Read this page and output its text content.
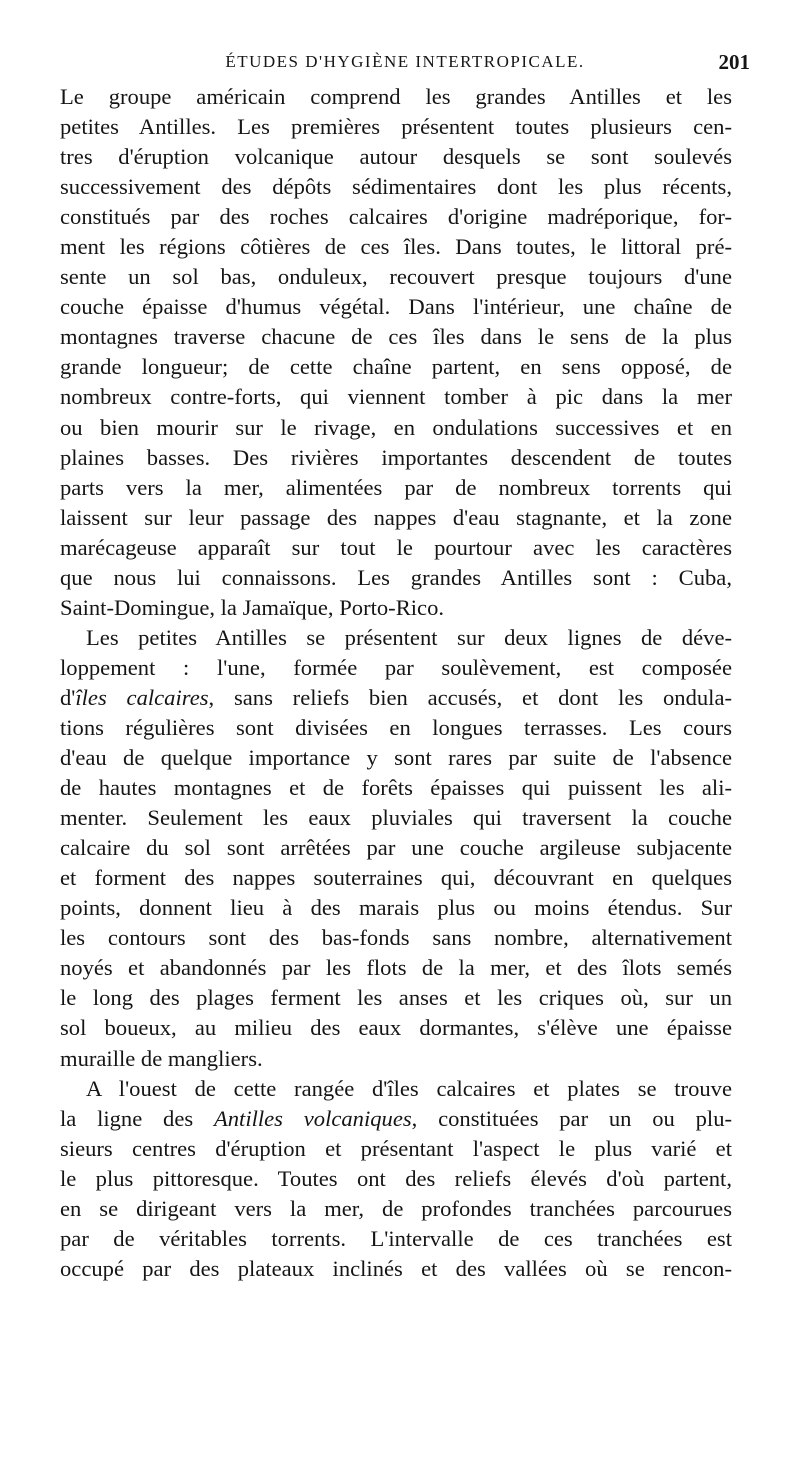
ÉTUDES D'HYGIÈNE INTERTROPICALE.	201
Le groupe américain comprend les grandes Antilles et les
petites Antilles. Les premières présentent toutes plusieurs cen-
tres d'éruption volcanique autour desquels se sont soulevés
successivement des dépôts sédimentaires dont les plus récents,
constitués par des roches calcaires d'origine madréporique, for-
ment les régions côtières de ces îles. Dans toutes, le littoral pré-
sente un sol bas, onduleux, recouvert presque toujours d'une
couche épaisse d'humus végétal. Dans l'intérieur, une chaîne de
montagnes traverse chacune de ces îles dans le sens de la plus
grande longueur; de cette chaîne partent, en sens opposé, de
nombreux contre-forts, qui viennent tomber à pic dans la mer
ou bien mourir sur le rivage, en ondulations successives et en
plaines basses. Des rivières importantes descendent de toutes
parts vers la mer, alimentées par de nombreux torrents qui
laissent sur leur passage des nappes d'eau stagnante, et la zone
marécageuse apparaît sur tout le pourtour avec les caractères
que nous lui connaissons. Les grandes Antilles sont : Cuba,
Saint-Domingue, la Jamaïque, Porto-Rico.
Les petites Antilles se présentent sur deux lignes de déve-
loppement : l'une, formée par soulèvement, est composée
d'îles calcaires, sans reliefs bien accusés, et dont les ondula-
tions régulières sont divisées en longues terrasses. Les cours
d'eau de quelque importance y sont rares par suite de l'absence
de hautes montagnes et de forêts épaisses qui puissent les ali-
menter. Seulement les eaux pluviales qui traversent la couche
calcaire du sol sont arrêtées par une couche argileuse subjacente
et forment des nappes souterraines qui, découvrant en quelques
points, donnent lieu à des marais plus ou moins étendus. Sur
les contours sont des bas-fonds sans nombre, alternativement
noyés et abandonnés par les flots de la mer, et des îlots semés
le long des plages ferment les anses et les criques où, sur un
sol boueux, au milieu des eaux dormantes, s'élève une épaisse
muraille de mangliers.
A l'ouest de cette rangée d'îles calcaires et plates se trouve
la ligne des Antilles volcaniques, constituées par un ou plu-
sieurs centres d'éruption et présentant l'aspect le plus varié et
le plus pittoresque. Toutes ont des reliefs élevés d'où partent,
en se dirigeant vers la mer, de profondes tranchées parcourues
par de véritables torrents. L'intervalle de ces tranchées est
occupé par des plateaux inclinés et des vallées où se rencon-
